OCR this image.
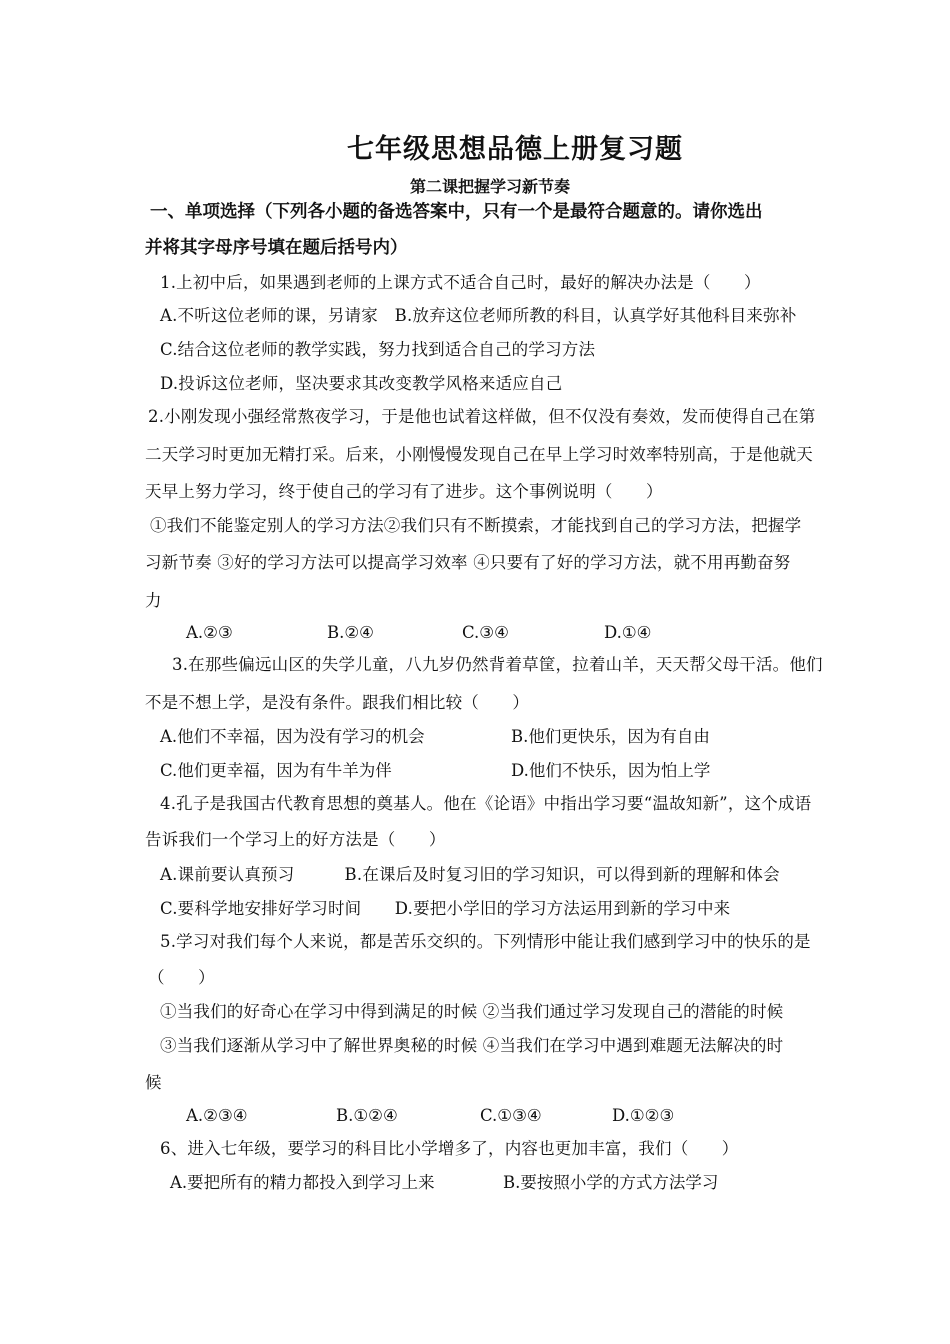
七年级思想品德上册复习题
第二课把握学习新节奏
一、单项选择（下列各小题的备选答案中，只有一个是最符合题意的。请你选出
并将其字母序号填在题后括号内）
1.上初中后，如果遇到老师的上课方式不适合自己时，最好的解决办法是（　　）
A.不听这位老师的课，另请家　B.放弃这位老师所教的科目，认真学好其他科目来弥补
C.结合这位老师的教学实践，努力找到适合自己的学习方法
D.投诉这位老师，坚决要求其改变教学风格来适应自己
2.小刚发现小强经常熬夜学习，于是他也试着这样做，但不仅没有奏效，发而使得自己在第
二天学习时更加无精打采。后来，小刚慢慢发现自己在早上学习时效率特别高，于是他就天
天早上努力学习，终于使自己的学习有了进步。这个事例说明（　　）
①我们不能鉴定别人的学习方法②我们只有不断摸索，才能找到自己的学习方法，把握学
习新节奏 ③好的学习方法可以提高学习效率 ④只要有了好的学习方法，就不用再勤奋努
力
A.②③	B.②④	C.③④	D.①④
3.在那些偏远山区的失学儿童，八九岁仍然背着草筐，拉着山羊，天天帮父母干活。他们
不是不想上学，是没有条件。跟我们相比较（　　）
A.他们不幸福，因为没有学习的机会	B.他们更快乐，因为有自由
C.他们更幸福，因为有牛羊为伴	D.他们不快乐，因为怕上学
4.孔子是我国古代教育思想的奠基人。他在《论语》中指出学习要“温故知新”，这个成语
告诉我们一个学习上的好方法是（　　）
A.课前要认真预习　　　B.在课后及时复习旧的学习知识，可以得到新的理解和体会
C.要科学地安排好学习时间　　D.要把小学旧的学习方法运用到新的学习中来
5.学习对我们每个人来说，都是苦乐交织的。下列情形中能让我们感到学习中的快乐的是
（　　）
①当我们的好奇心在学习中得到满足的时候 ②当我们通过学习发现自己的潜能的时候
③当我们逐渐从学习中了解世界奥秘的时候 ④当我们在学习中遇到难题无法解决的时
候
A.②③④	B.①②④	C.①③④	D.①②③
6、进入七年级，要学习的科目比小学增多了，内容也更加丰富，我们（　　）
A.要把所有的精力都投入到学习上来	B.要按照小学的方式方法学习
